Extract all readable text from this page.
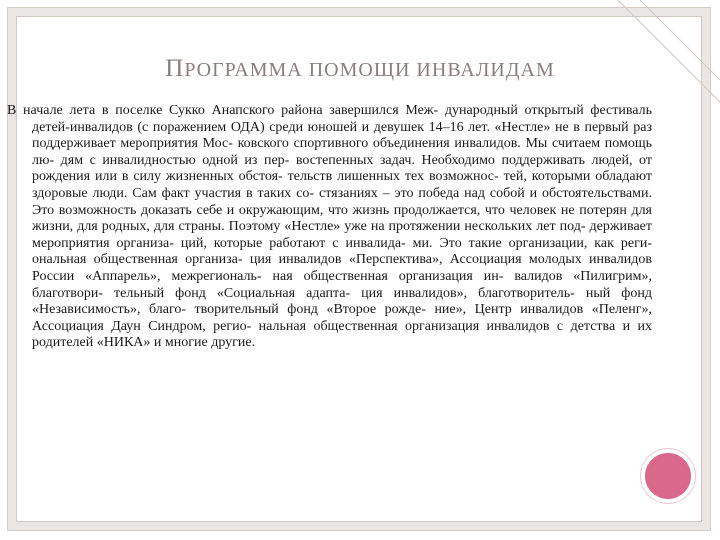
ПРОГРАММА ПОМОЩИ ИНВАЛИДАМ

В начале лета в поселке Сукко Анапского района завершился Меж- дународный открытый фестиваль детей-инвалидов (с поражением ОДА) среди юношей и девушек 14–16 лет. «Нестле» не в первый раз поддерживает мероприятия Мос- ковского спортивного объединения инвалидов. Мы считаем помощь лю- дям с инвалидностью одной из пер- востепенных задач. Необходимо поддерживать людей, от рождения или в силу жизненных обстоя- тельств лишенных тех возможнос- тей, которыми обладают здоровые люди. Сам факт участия в таких со- стязаниях – это победа над собой и обстоятельствами. Это возможность доказать себе и окружающим, что жизнь продолжается, что человек не потерян для жизни, для родных, для страны. Поэтому «Нестле» уже на протяжении нескольких лет под- держивает мероприятия организа- ций, которые работают с инвалида- ми. Это такие организации, как реги- ональная общественная организа- ция инвалидов «Перспектива», Ассоциация молодых инвалидов России «Аппарель», межрегиональ- ная общественная организация ин- валидов «Пилигрим», благотвори- тельный фонд «Социальная адапта- ция инвалидов», благотворитель- ный фонд «Независимость», благо- творительный фонд «Второе рожде- ние», Центр инвалидов «Пеленг», Ассоциация Даун Синдром, регио- нальная общественная организация инвалидов с детства и их родителей «НИКА» и многие другие.
